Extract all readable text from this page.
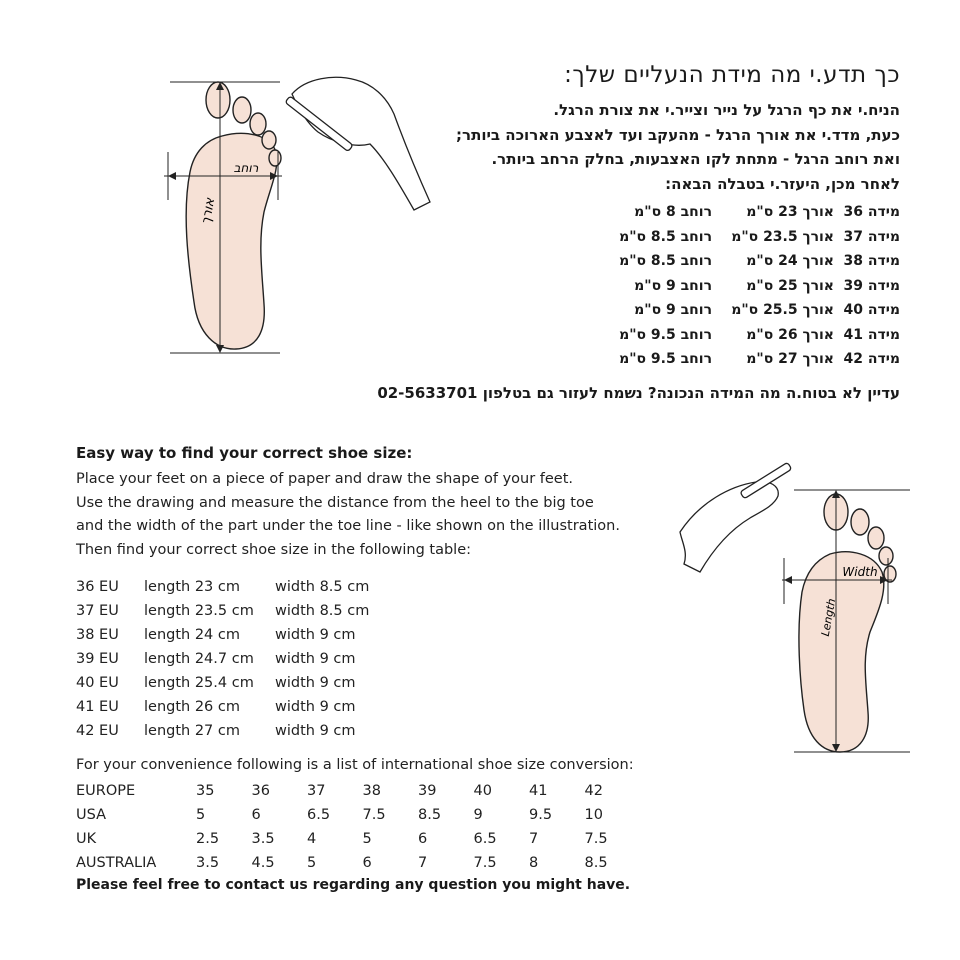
רוחב
אורך
כך תדע.י מה מידת הנעליים שלך:
הניח.י את כף הרגל על נייר וצייר.י את צורת הרגל.
כעת, מדד.י את אורך הרגל - מהעקב ועד לאצבע הארוכה ביותר;
ואת רוחב הרגל - מתחת לקו האצבעות, בחלק הרחב ביותר.
לאחר מכן, היעזר.י בטבלה הבאה:
מידה 36	אורך 23 ס"מ	רוחב 8 ס"מ
מידה 37	אורך 23.5 ס"מ	רוחב 8.5 ס"מ
מידה 38	אורך 24 ס"מ	רוחב 8.5 ס"מ
מידה 39	אורך 25 ס"מ	רוחב 9 ס"מ
מידה 40	אורך 25.5 ס"מ	רוחב 9 ס"מ
מידה 41	אורך 26 ס"מ	רוחב 9.5 ס"מ
מידה 42	אורך 27 ס"מ	רוחב 9.5 ס"מ
עדיין לא בטוח.ה מה המידה הנכונה? נשמח לעזור גם בטלפון 02-5633701
Width
Length
Easy way to find your correct shoe size:
Place your feet on a piece of paper and draw the shape of your feet.
Use the drawing and measure the distance from the heel to the big toe
and the width of the part under the toe line - like shown on the illustration.
Then find your correct shoe size in the following table:
36 EU	length 23 cm	width 8.5 cm
37 EU	length 23.5 cm	width 8.5 cm
38 EU	length 24 cm	width 9 cm
39 EU	length 24.7 cm	width 9 cm
40 EU	length 25.4 cm	width 9 cm
41 EU	length 26 cm	width 9 cm
42 EU	length 27 cm	width 9 cm
For your convenience following is a list of international shoe size conversion:
EUROPE	35	36	37	38	39	40	41	42
USA	5	6	6.5	7.5	8.5	9	9.5	10
UK	2.5	3.5	4	5	6	6.5	7	7.5
AUSTRALIA	3.5	4.5	5	6	7	7.5	8	8.5
Please feel free to contact us regarding any question you might have.
